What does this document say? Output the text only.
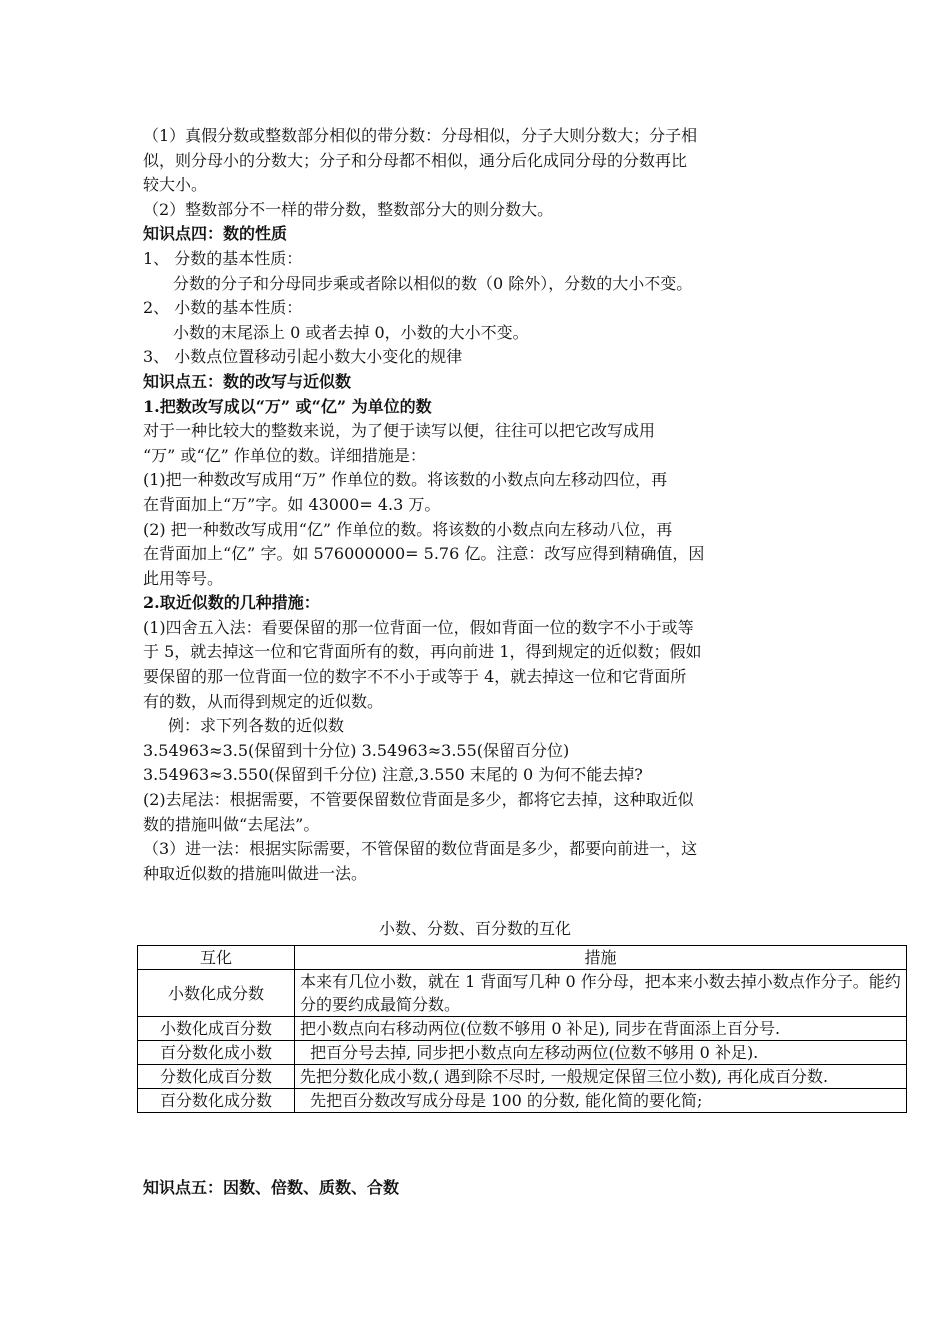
（1）真假分数或整数部分相似的带分数：分母相似，分子大则分数大；分子相
似，则分母小的分数大；分子和分母都不相似，通分后化成同分母的分数再比
较大小。
（2）整数部分不一样的带分数，整数部分大的则分数大。
知识点四：数的性质
1、 分数的基本性质：
分数的分子和分母同步乘或者除以相似的数（0 除外），分数的大小不变。
2、 小数的基本性质：
小数的末尾添上 0 或者去掉 0，小数的大小不变。
3、 小数点位置移动引起小数大小变化的规律
知识点五：数的改写与近似数
1.把数改写成以“万” 或“亿” 为单位的数
对于一种比较大的整数来说，为了便于读写以便，往往可以把它改写成用
“万” 或“亿” 作单位的数。详细措施是：
(1)把一种数改写成用“万” 作单位的数。将该数的小数点向左移动四位，再
在背面加上“万”字。如 43000= 4.3 万。
(2) 把一种数改写成用“亿” 作单位的数。将该数的小数点向左移动八位，再
在背面加上“亿” 字。如 576000000= 5.76 亿。注意：改写应得到精确值，因
此用等号。
2.取近似数的几种措施：
(1)四舍五入法：看要保留的那一位背面一位，假如背面一位的数字不小于或等
于 5，就去掉这一位和它背面所有的数，再向前进 1，得到规定的近似数；假如
要保留的那一位背面一位的数字不不小于或等于 4，就去掉这一位和它背面所
有的数，从而得到规定的近似数。
例：求下列各数的近似数
3.54963≈3.5(保留到十分位) 3.54963≈3.55(保留百分位)
3.54963≈3.550(保留到千分位) 注意,3.550 末尾的 0 为何不能去掉?
(2)去尾法：根据需要，不管要保留数位背面是多少，都将它去掉，这种取近似
数的措施叫做“去尾法”。
（3）进一法：根据实际需要，不管保留的数位背面是多少，都要向前进一，这
种取近似数的措施叫做进一法。
小数、分数、百分数的互化
互化	措施
小数化成分数	本来有几位小数，就在 1 背面写几种 0 作分母，把本来小数去掉小数点作分子。能约分的要约成最简分数。
小数化成百分数	把小数点向右移动两位(位数不够用 0 补足), 同步在背面添上百分号.
百分数化成小数	把百分号去掉, 同步把小数点向左移动两位(位数不够用 0 补足).
分数化成百分数	先把分数化成小数,( 遇到除不尽时, 一般规定保留三位小数), 再化成百分数.
百分数化成分数	先把百分数改写成分母是 100 的分数, 能化简的要化简;
知识点五：因数、倍数、质数、合数
